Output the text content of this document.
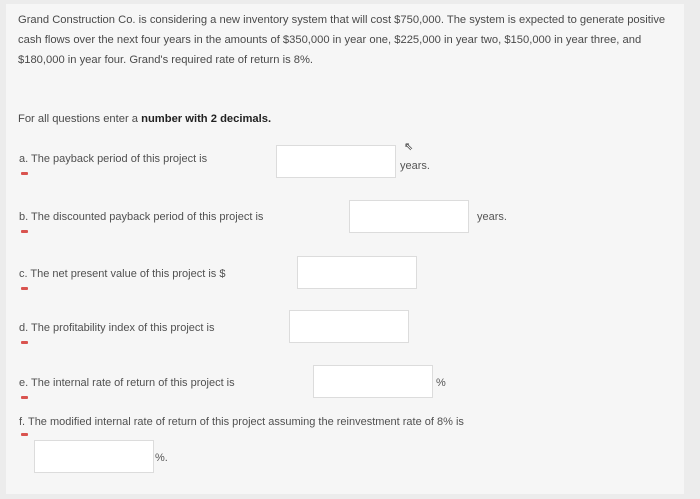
Grand Construction Co. is considering a new inventory system that will cost $750,000. The system is expected to generate positive cash flows over the next four years in the amounts of $350,000 in year one, $225,000 in year two, $150,000 in year three, and $180,000 in year four. Grand's required rate of return is 8%.
For all questions enter a number with 2 decimals.
a. The payback period of this project is
⇖
years.
b. The discounted payback period of this project is	years.
c. The net present value of this project is $
d. The profitability index of this project is
e. The internal rate of return of this project is	%
f. The modified internal rate of return of this project assuming the reinvestment rate of 8% is
%.
